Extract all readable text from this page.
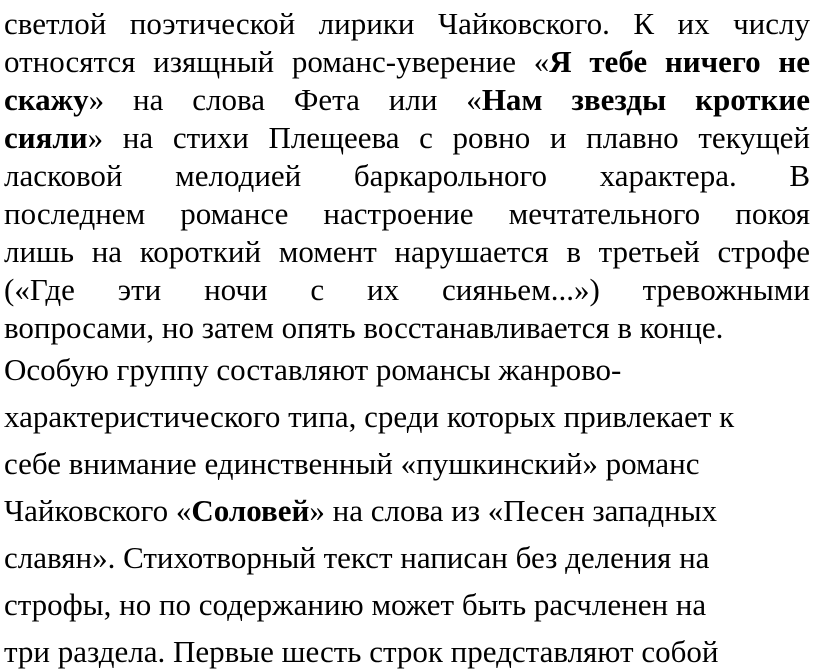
светлой поэтической лирики Чайковского. К их числу
относятся изящный романс-уверение «Я тебе ничего не
скажу» на слова Фета или «Нам звезды кроткие
сияли» на стихи Плещеева с ровно и плавно текущей
ласковой мелодией баркарольного характера. В
последнем романсе настроение мечтательного покоя
лишь на короткий момент нарушается в третьей строфе
(«Где эти ночи с их сияньем...») тревожными
вопросами, но затем опять восстанавливается в конце.
Особую группу составляют романсы жанрово-
характеристического типа, среди которых привлекает к
себе внимание единственный «пушкинский» романс
Чайковского «Соловей» на слова из «Песен западных
славян». Стихотворный текст написан без деления на
строфы, но по содержанию может быть расчленен на
три раздела. Первые шесть строк представляют собой
